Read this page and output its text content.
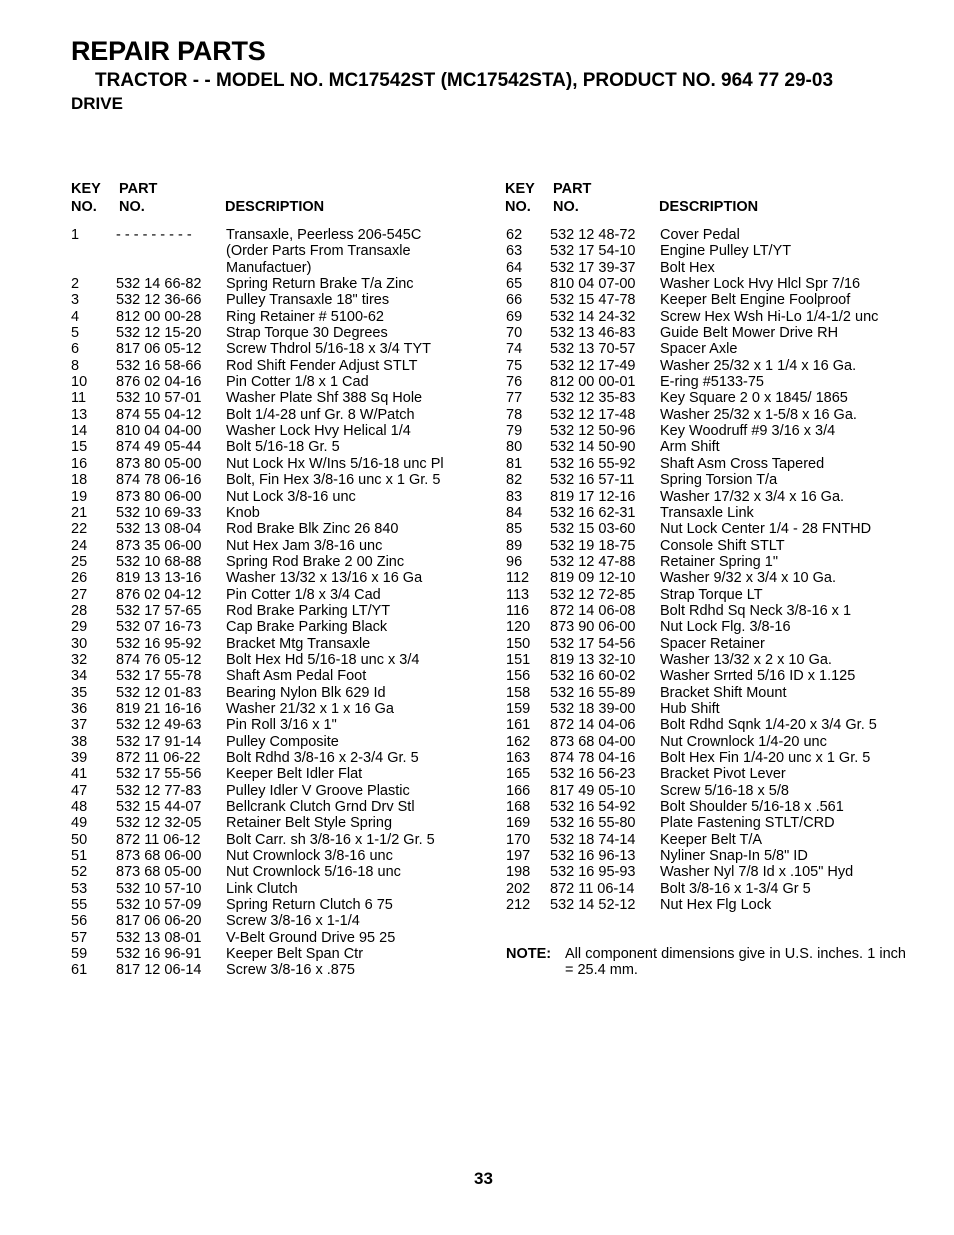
REPAIR PARTS
TRACTOR - - MODEL NO. MC17542ST (MC17542STA), PRODUCT NO. 964 77 29-03
DRIVE
KEY
NO.
PART
NO.	DESCRIPTION
KEY
NO.
PART
NO.	DESCRIPTION
1	- - - - - - - - - Transaxle, Peerless 206-545C
(Order Parts From Transaxle
Manufactuer)
2	532 14 66-82 Spring Return Brake T/a Zinc
3	532 12 36-66 Pulley Transaxle 18" tires
4	812 00 00-28 Ring Retainer # 5100-62
5	532 12 15-20 Strap Torque 30 Degrees
6	817 06 05-12 Screw Thdrol 5/16-18 x 3/4 TYT
8	532 16 58-66 Rod Shift Fender Adjust STLT
10 876 02 04-16 Pin Cotter 1/8 x 1 Cad
11 532 10 57-01 Washer Plate Shf 388 Sq Hole
13 874 55 04-12 Bolt 1/4-28 unf Gr. 8 W/Patch
14 810 04 04-00 Washer Lock Hvy Helical 1/4
15 874 49 05-44 Bolt 5/16-18 Gr. 5
16 873 80 05-00 Nut Lock Hx W/Ins 5/16-18 unc Pl
18 874 78 06-16 Bolt, Fin Hex 3/8-16 unc x 1 Gr. 5
19 873 80 06-00 Nut Lock 3/8-16 unc
21 532 10 69-33 Knob
22 532 13 08-04 Rod Brake Blk Zinc 26 840
24 873 35 06-00 Nut Hex Jam 3/8-16 unc
25 532 10 68-88 Spring Rod Brake 2 00 Zinc
26 819 13 13-16 Washer 13/32 x 13/16 x 16 Ga
27 876 02 04-12 Pin Cotter 1/8 x 3/4 Cad
28 532 17 57-65 Rod Brake Parking LT/YT
29 532 07 16-73 Cap Brake Parking Black
30 532 16 95-92 Bracket Mtg Transaxle
32 874 76 05-12 Bolt Hex Hd 5/16-18 unc x 3/4
34 532 17 55-78 Shaft Asm Pedal Foot
35 532 12 01-83 Bearing Nylon Blk 629 Id
36 819 21 16-16 Washer 21/32 x 1 x 16 Ga
37 532 12 49-63 Pin Roll 3/16 x 1"
38 532 17 91-14 Pulley Composite
39 872 11 06-22 Bolt Rdhd 3/8-16 x 2-3/4 Gr. 5
41 532 17 55-56 Keeper Belt Idler Flat
47 532 12 77-83 Pulley Idler V Groove Plastic
48 532 15 44-07 Bellcrank Clutch Grnd Drv Stl
49 532 12 32-05 Retainer Belt Style Spring
50 872 11 06-12 Bolt Carr. sh 3/8-16 x 1-1/2 Gr. 5
51 873 68 06-00 Nut Crownlock 3/8-16 unc
52 873 68 05-00 Nut Crownlock 5/16-18 unc
53 532 10 57-10 Link Clutch
55 532 10 57-09 Spring Return Clutch 6 75
56 817 06 06-20 Screw 3/8-16 x 1-1/4
57 532 13 08-01 V-Belt Ground Drive 95 25
59 532 16 96-91 Keeper Belt Span Ctr
61 817 12 06-14 Screw 3/8-16 x .875
62 532 12 48-72 Cover Pedal
63 532 17 54-10 Engine Pulley LT/YT
64 532 17 39-37 Bolt Hex
65 810 04 07-00 Washer Lock Hvy Hlcl Spr 7/16
66 532 15 47-78 Keeper Belt Engine Foolproof
69 532 14 24-32 Screw Hex Wsh Hi-Lo 1/4-1/2 unc
70 532 13 46-83 Guide Belt Mower Drive RH
74 532 13 70-57 Spacer Axle
75 532 12 17-49 Washer 25/32 x 1 1/4 x 16 Ga.
76 812 00 00-01 E-ring #5133-75
77 532 12 35-83 Key Square 2 0 x 1845/ 1865
78 532 12 17-48 Washer 25/32 x 1-5/8 x 16 Ga.
79 532 12 50-96 Key Woodruff #9 3/16 x 3/4
80 532 14 50-90 Arm Shift
81 532 16 55-92 Shaft Asm Cross Tapered
82 532 16 57-11 Spring Torsion T/a
83 819 17 12-16 Washer 17/32 x 3/4 x 16 Ga.
84 532 16 62-31 Transaxle Link
85 532 15 03-60 Nut Lock Center 1/4 - 28 FNTHD
89 532 19 18-75 Console Shift STLT
96 532 12 47-88 Retainer Spring 1"
112 819 09 12-10 Washer 9/32 x 3/4 x 10 Ga.
113 532 12 72-85 Strap Torque LT
116 872 14 06-08 Bolt Rdhd Sq Neck 3/8-16 x 1
120 873 90 06-00 Nut Lock Flg. 3/8-16
150 532 17 54-56 Spacer Retainer
151 819 13 32-10 Washer 13/32 x 2 x 10 Ga.
156 532 16 60-02 Washer Srrted 5/16 ID x 1.125
158 532 16 55-89 Bracket Shift Mount
159 532 18 39-00 Hub Shift
161 872 14 04-06 Bolt Rdhd Sqnk 1/4-20 x 3/4 Gr. 5
162 873 68 04-00 Nut Crownlock 1/4-20 unc
163 874 78 04-16 Bolt Hex Fin 1/4-20 unc x 1 Gr. 5
165 532 16 56-23 Bracket Pivot Lever
166 817 49 05-10 Screw 5/16-18 x 5/8
168 532 16 54-92 Bolt Shoulder 5/16-18 x .561
169 532 16 55-80 Plate Fastening STLT/CRD
170 532 18 74-14 Keeper Belt T/A
197 532 16 96-13 Nyliner Snap-In 5/8" ID
198 532 16 95-93 Washer Nyl 7/8 Id x .105" Hyd
202 872 11 06-14 Bolt 3/8-16 x 1-3/4 Gr 5
212 532 14 52-12 Nut Hex Flg Lock
NOTE: All component dimensions give in U.S. inches. 1 inch = 25.4 mm.
33
